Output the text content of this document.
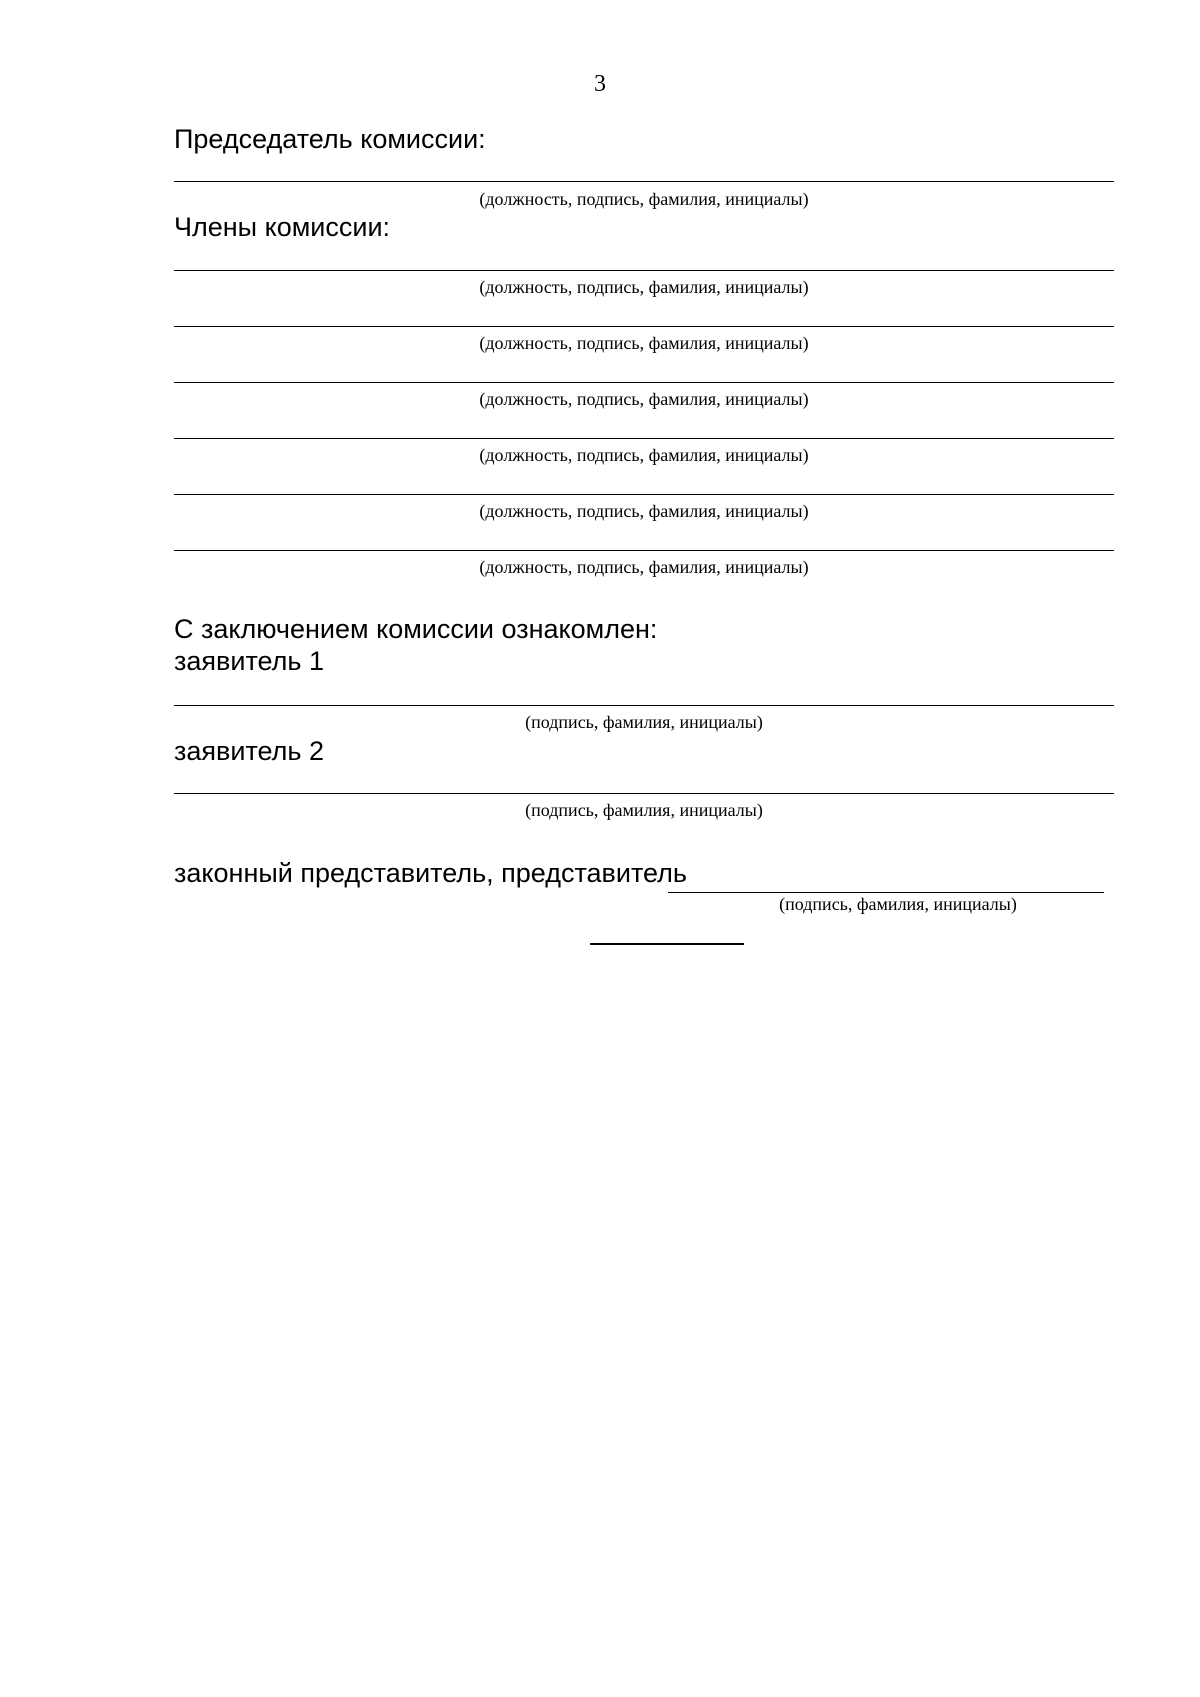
3
Председатель комиссии:
(должность, подпись, фамилия, инициалы)
Члены комиссии:
(должность, подпись, фамилия, инициалы)
(должность, подпись, фамилия, инициалы)
(должность, подпись, фамилия, инициалы)
(должность, подпись, фамилия, инициалы)
(должность, подпись, фамилия, инициалы)
(должность, подпись, фамилия, инициалы)
С заключением комиссии ознакомлен:
заявитель 1
(подпись, фамилия, инициалы)
заявитель 2
(подпись, фамилия, инициалы)
законный представитель, представитель
(подпись, фамилия, инициалы)
